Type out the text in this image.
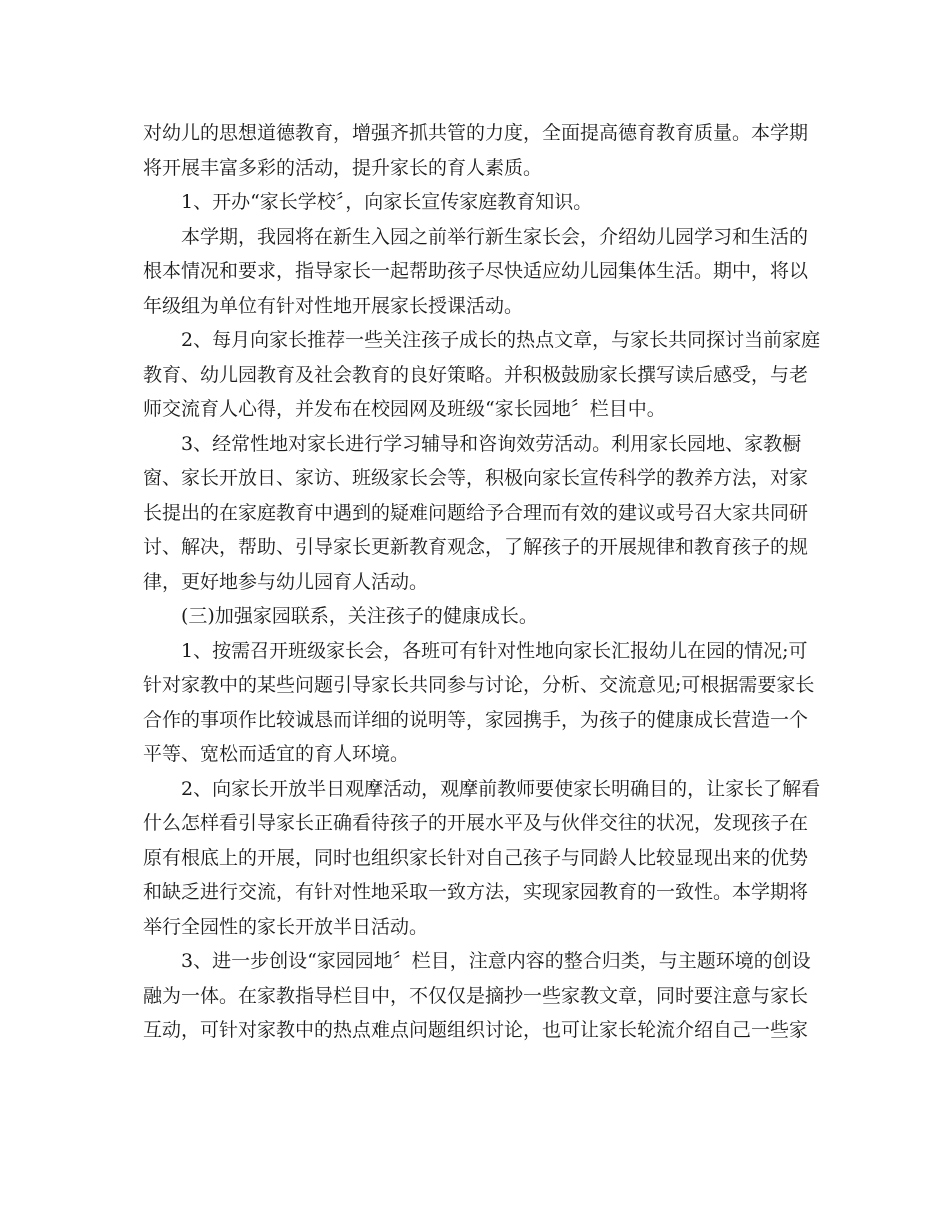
对幼儿的思想道德教育，增强齐抓共管的力度，全面提高德育教育质量。本学期

将开展丰富多彩的活动，提升家长的育人素质。

1、开办“家长学校〞，向家长宣传家庭教育知识。

本学期，我园将在新生入园之前举行新生家长会，介绍幼儿园学习和生活的

根本情况和要求，指导家长一起帮助孩子尽快适应幼儿园集体生活。期中，将以

年级组为单位有针对性地开展家长授课活动。

2、每月向家长推荐一些关注孩子成长的热点文章，与家长共同探讨当前家庭

教育、幼儿园教育及社会教育的良好策略。并积极鼓励家长撰写读后感受，与老

师交流育人心得，并发布在校园网及班级“家长园地〞栏目中。

3、经常性地对家长进行学习辅导和咨询效劳活动。利用家长园地、家教橱

窗、家长开放日、家访、班级家长会等，积极向家长宣传科学的教养方法，对家

长提出的在家庭教育中遇到的疑难问题给予合理而有效的建议或号召大家共同研

讨、解决，帮助、引导家长更新教育观念，了解孩子的开展规律和教育孩子的规

律，更好地参与幼儿园育人活动。

(三)加强家园联系，关注孩子的健康成长。

1、按需召开班级家长会，各班可有针对性地向家长汇报幼儿在园的情况;可

针对家教中的某些问题引导家长共同参与讨论，分析、交流意见;可根据需要家长

合作的事项作比较诚恳而详细的说明等，家园携手，为孩子的健康成长营造一个

平等、宽松而适宜的育人环境。

2、向家长开放半日观摩活动，观摩前教师要使家长明确目的，让家长了解看

什么怎样看引导家长正确看待孩子的开展水平及与伙伴交往的状况，发现孩子在

原有根底上的开展，同时也组织家长针对自己孩子与同龄人比较显现出来的优势

和缺乏进行交流，有针对性地采取一致方法，实现家园教育的一致性。本学期将

举行全园性的家长开放半日活动。

3、进一步创设“家园园地〞栏目，注意内容的整合归类，与主题环境的创设

融为一体。在家教指导栏目中，不仅仅是摘抄一些家教文章，同时要注意与家长

互动，可针对家教中的热点难点问题组织讨论，也可让家长轮流介绍自己一些家
